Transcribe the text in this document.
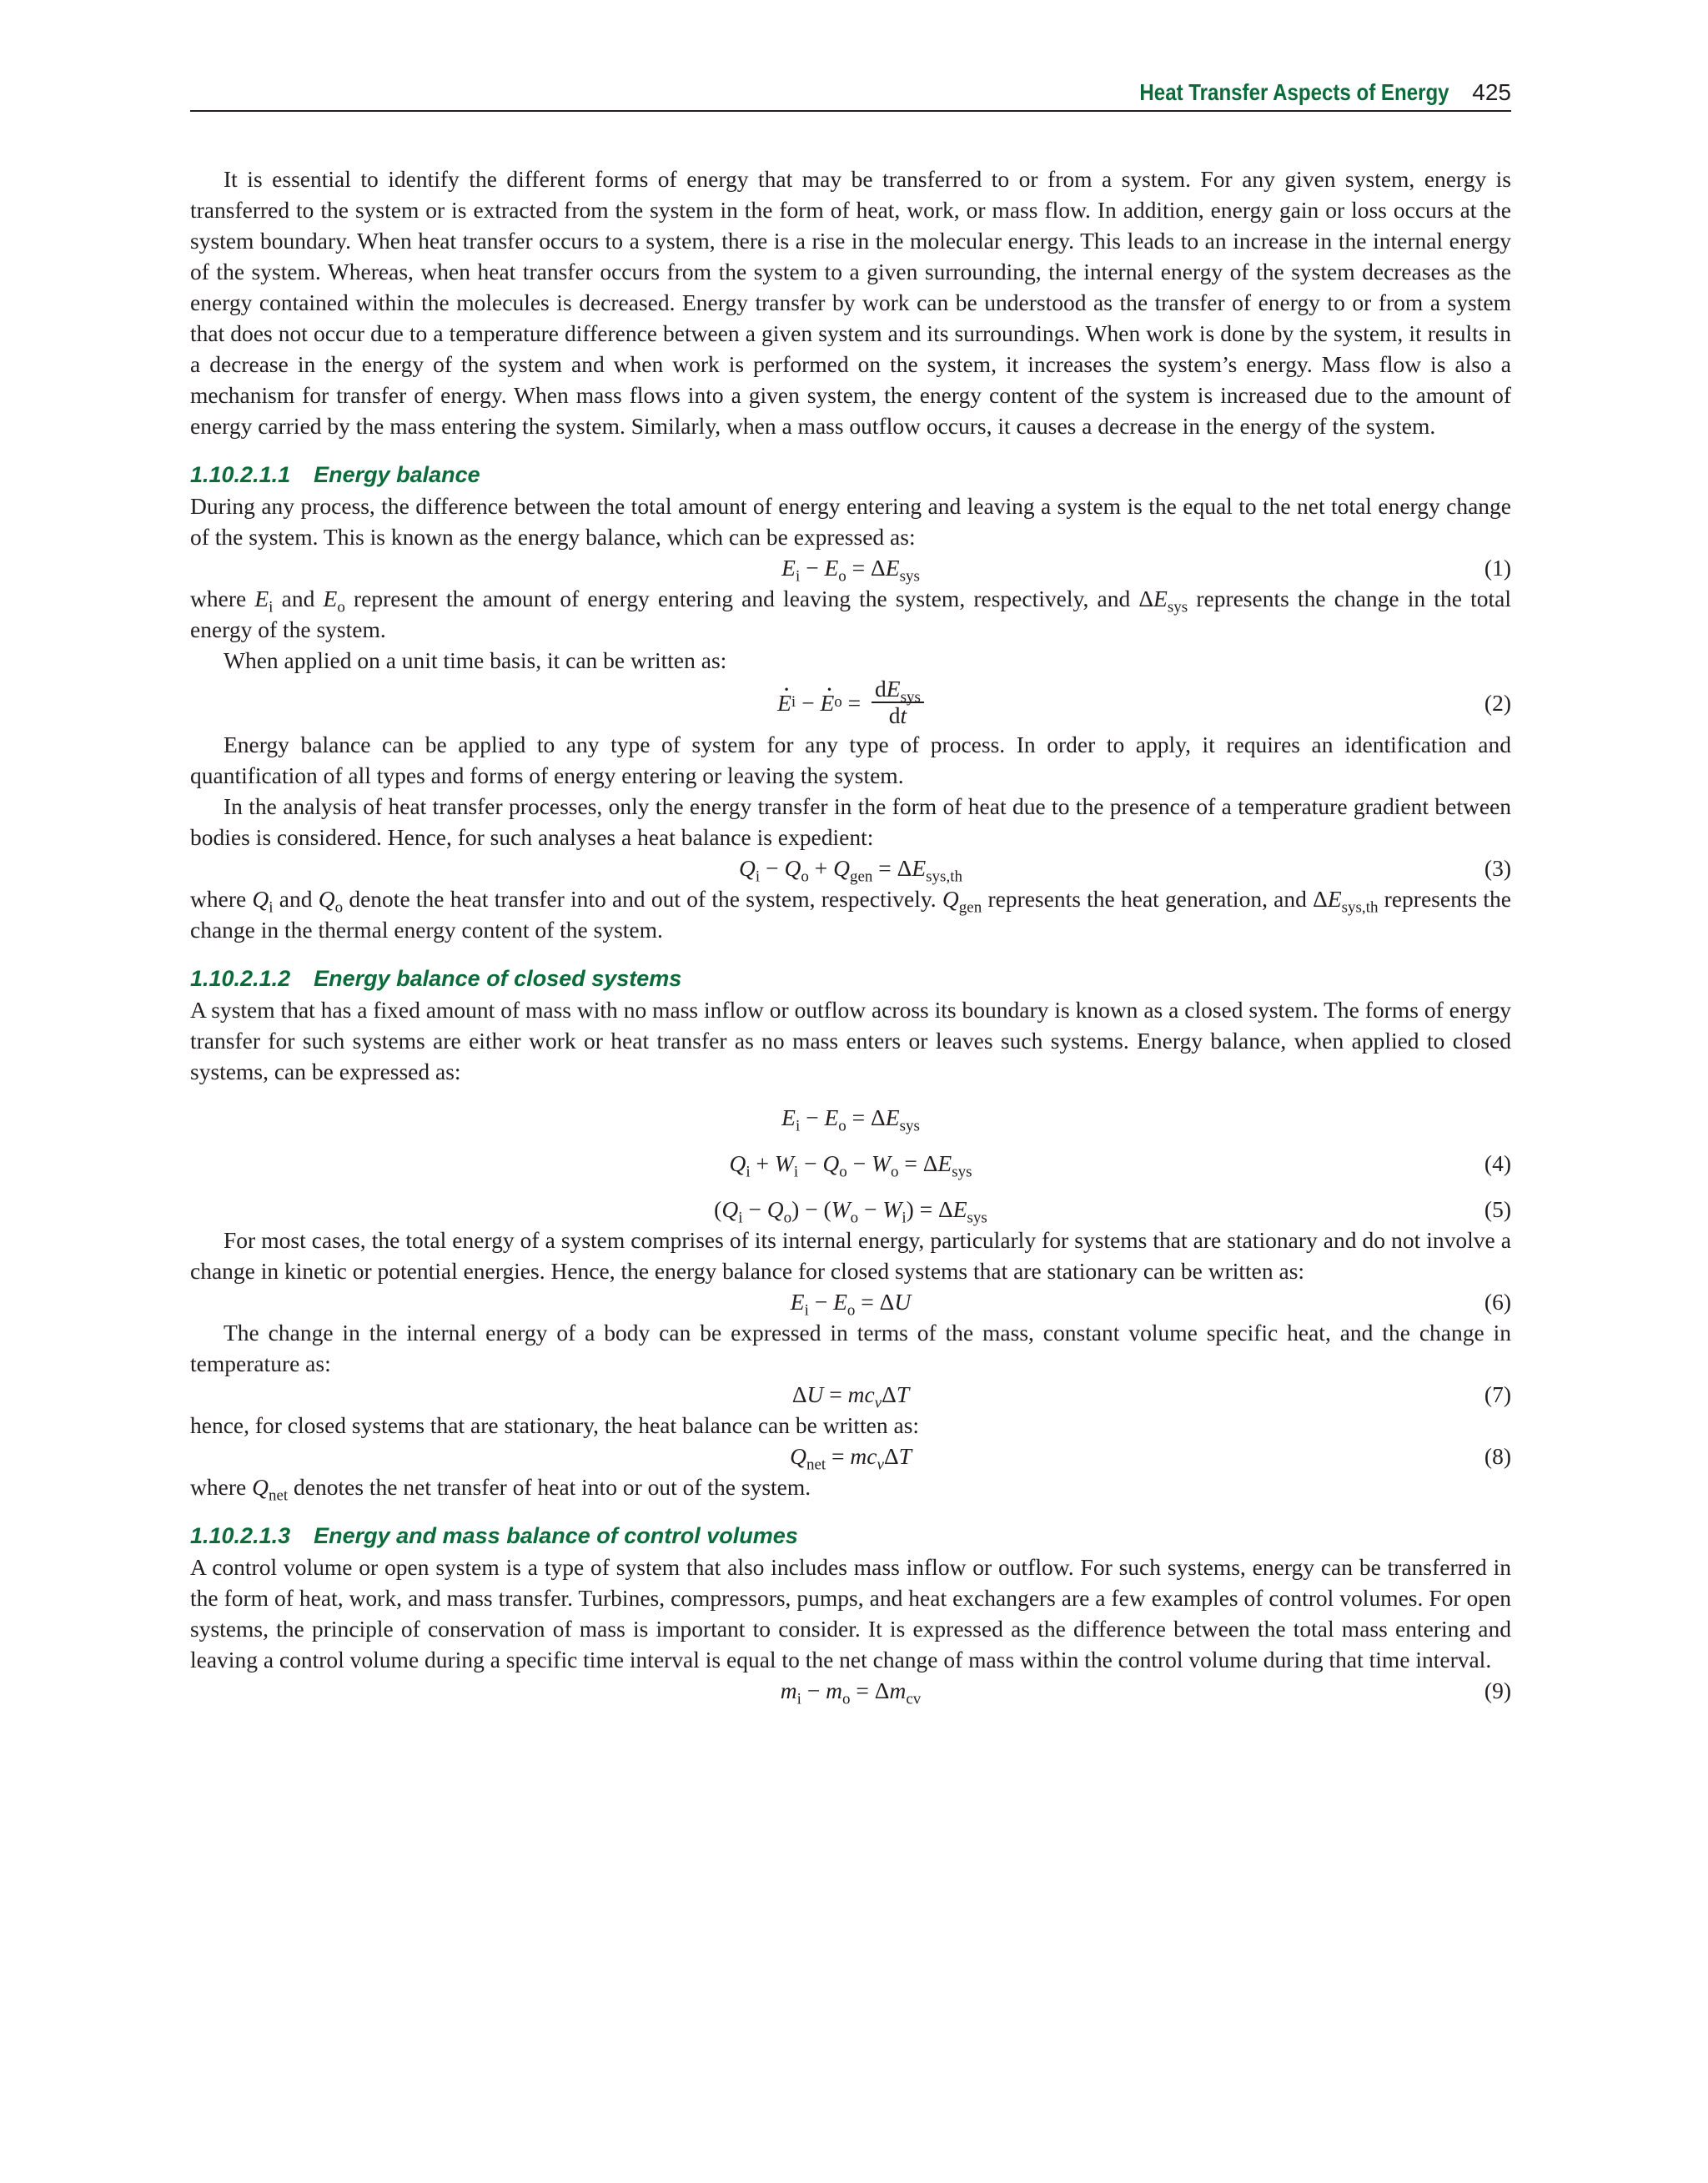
Heat Transfer Aspects of Energy 425

It is essential to identify the different forms of energy that may be transferred to or from a system. For any given system, energy is transferred to the system or is extracted from the system in the form of heat, work, or mass flow. In addition, energy gain or loss occurs at the system boundary. When heat transfer occurs to a system, there is a rise in the molecular energy. This leads to an increase in the internal energy of the system. Whereas, when heat transfer occurs from the system to a given surrounding, the internal energy of the system decreases as the energy contained within the molecules is decreased. Energy transfer by work can be understood as the transfer of energy to or from a system that does not occur due to a temperature difference between a given system and its surroundings. When work is done by the system, it results in a decrease in the energy of the system and when work is performed on the system, it increases the system’s energy. Mass flow is also a mechanism for transfer of energy. When mass flows into a given system, the energy content of the system is increased due to the amount of energy carried by the mass entering the system. Similarly, when a mass outflow occurs, it causes a decrease in the energy of the system.

1.10.2.1.1 Energy balance

During any process, the difference between the total amount of energy entering and leaving a system is the equal to the net total energy change of the system. This is known as the energy balance, which can be expressed as:

$E_i - E_o = \Delta E_{sys}$	(1)

where $E_i$ and $E_o$ represent the amount of energy entering and leaving the system, respectively, and $\Delta E_{sys}$ represents the change in the total energy of the system.

When applied on a unit time basis, it can be written as:

· E i −
· E $o = \frac{dE_{sys}}{dt}$	(2)

Energy balance can be applied to any type of system for any type of process. In order to apply, it requires an identification and quantification of all types and forms of energy entering or leaving the system.

In the analysis of heat transfer processes, only the energy transfer in the form of heat due to the presence of a temperature gradient between bodies is considered. Hence, for such analyses a heat balance is expedient:

$Q_i - Q_o + Q_{gen} = \Delta E_{sys,th}$	(3)

where $Q_i$ and $Q_o$ denote the heat transfer into and out of the system, respectively. $Q_{gen}$ represents the heat generation, and $\Delta E_{sys,th}$ represents the change in the thermal energy content of the system.

1.10.2.1.2 Energy balance of closed systems

A system that has a fixed amount of mass with no mass inflow or outflow across its boundary is known as a closed system. The forms of energy transfer for such systems are either work or heat transfer as no mass enters or leaves such systems. Energy balance, when applied to closed systems, can be expressed as:

$E_i - E_o = \Delta E_{sys}$
$Q_i + W_i - Q_o - W_o = \Delta E_{sys}$	(4)
$(Q_i - Q_o) - (W_o - W_i) = \Delta E_{sys}$	(5)

For most cases, the total energy of a system comprises of its internal energy, particularly for systems that are stationary and do not involve a change in kinetic or potential energies. Hence, the energy balance for closed systems that are stationary can be written as:

$E_i - E_o = \Delta U$	(6)

The change in the internal energy of a body can be expressed in terms of the mass, constant volume specific heat, and the change in temperature as:

$\Delta U = mc_v\Delta T$	(7)

hence, for closed systems that are stationary, the heat balance can be written as:

$Q_{net} = mc_v\Delta T$	(8)

where $Q_{net}$ denotes the net transfer of heat into or out of the system.

1.10.2.1.3 Energy and mass balance of control volumes

A control volume or open system is a type of system that also includes mass inflow or outflow. For such systems, energy can be transferred in the form of heat, work, and mass transfer. Turbines, compressors, pumps, and heat exchangers are a few examples of control volumes. For open systems, the principle of conservation of mass is important to consider. It is expressed as the difference between the total mass entering and leaving a control volume during a specific time interval is equal to the net change of mass within the control volume during that time interval.

$m_i - m_o = \Delta m_{cv}$	(9)
